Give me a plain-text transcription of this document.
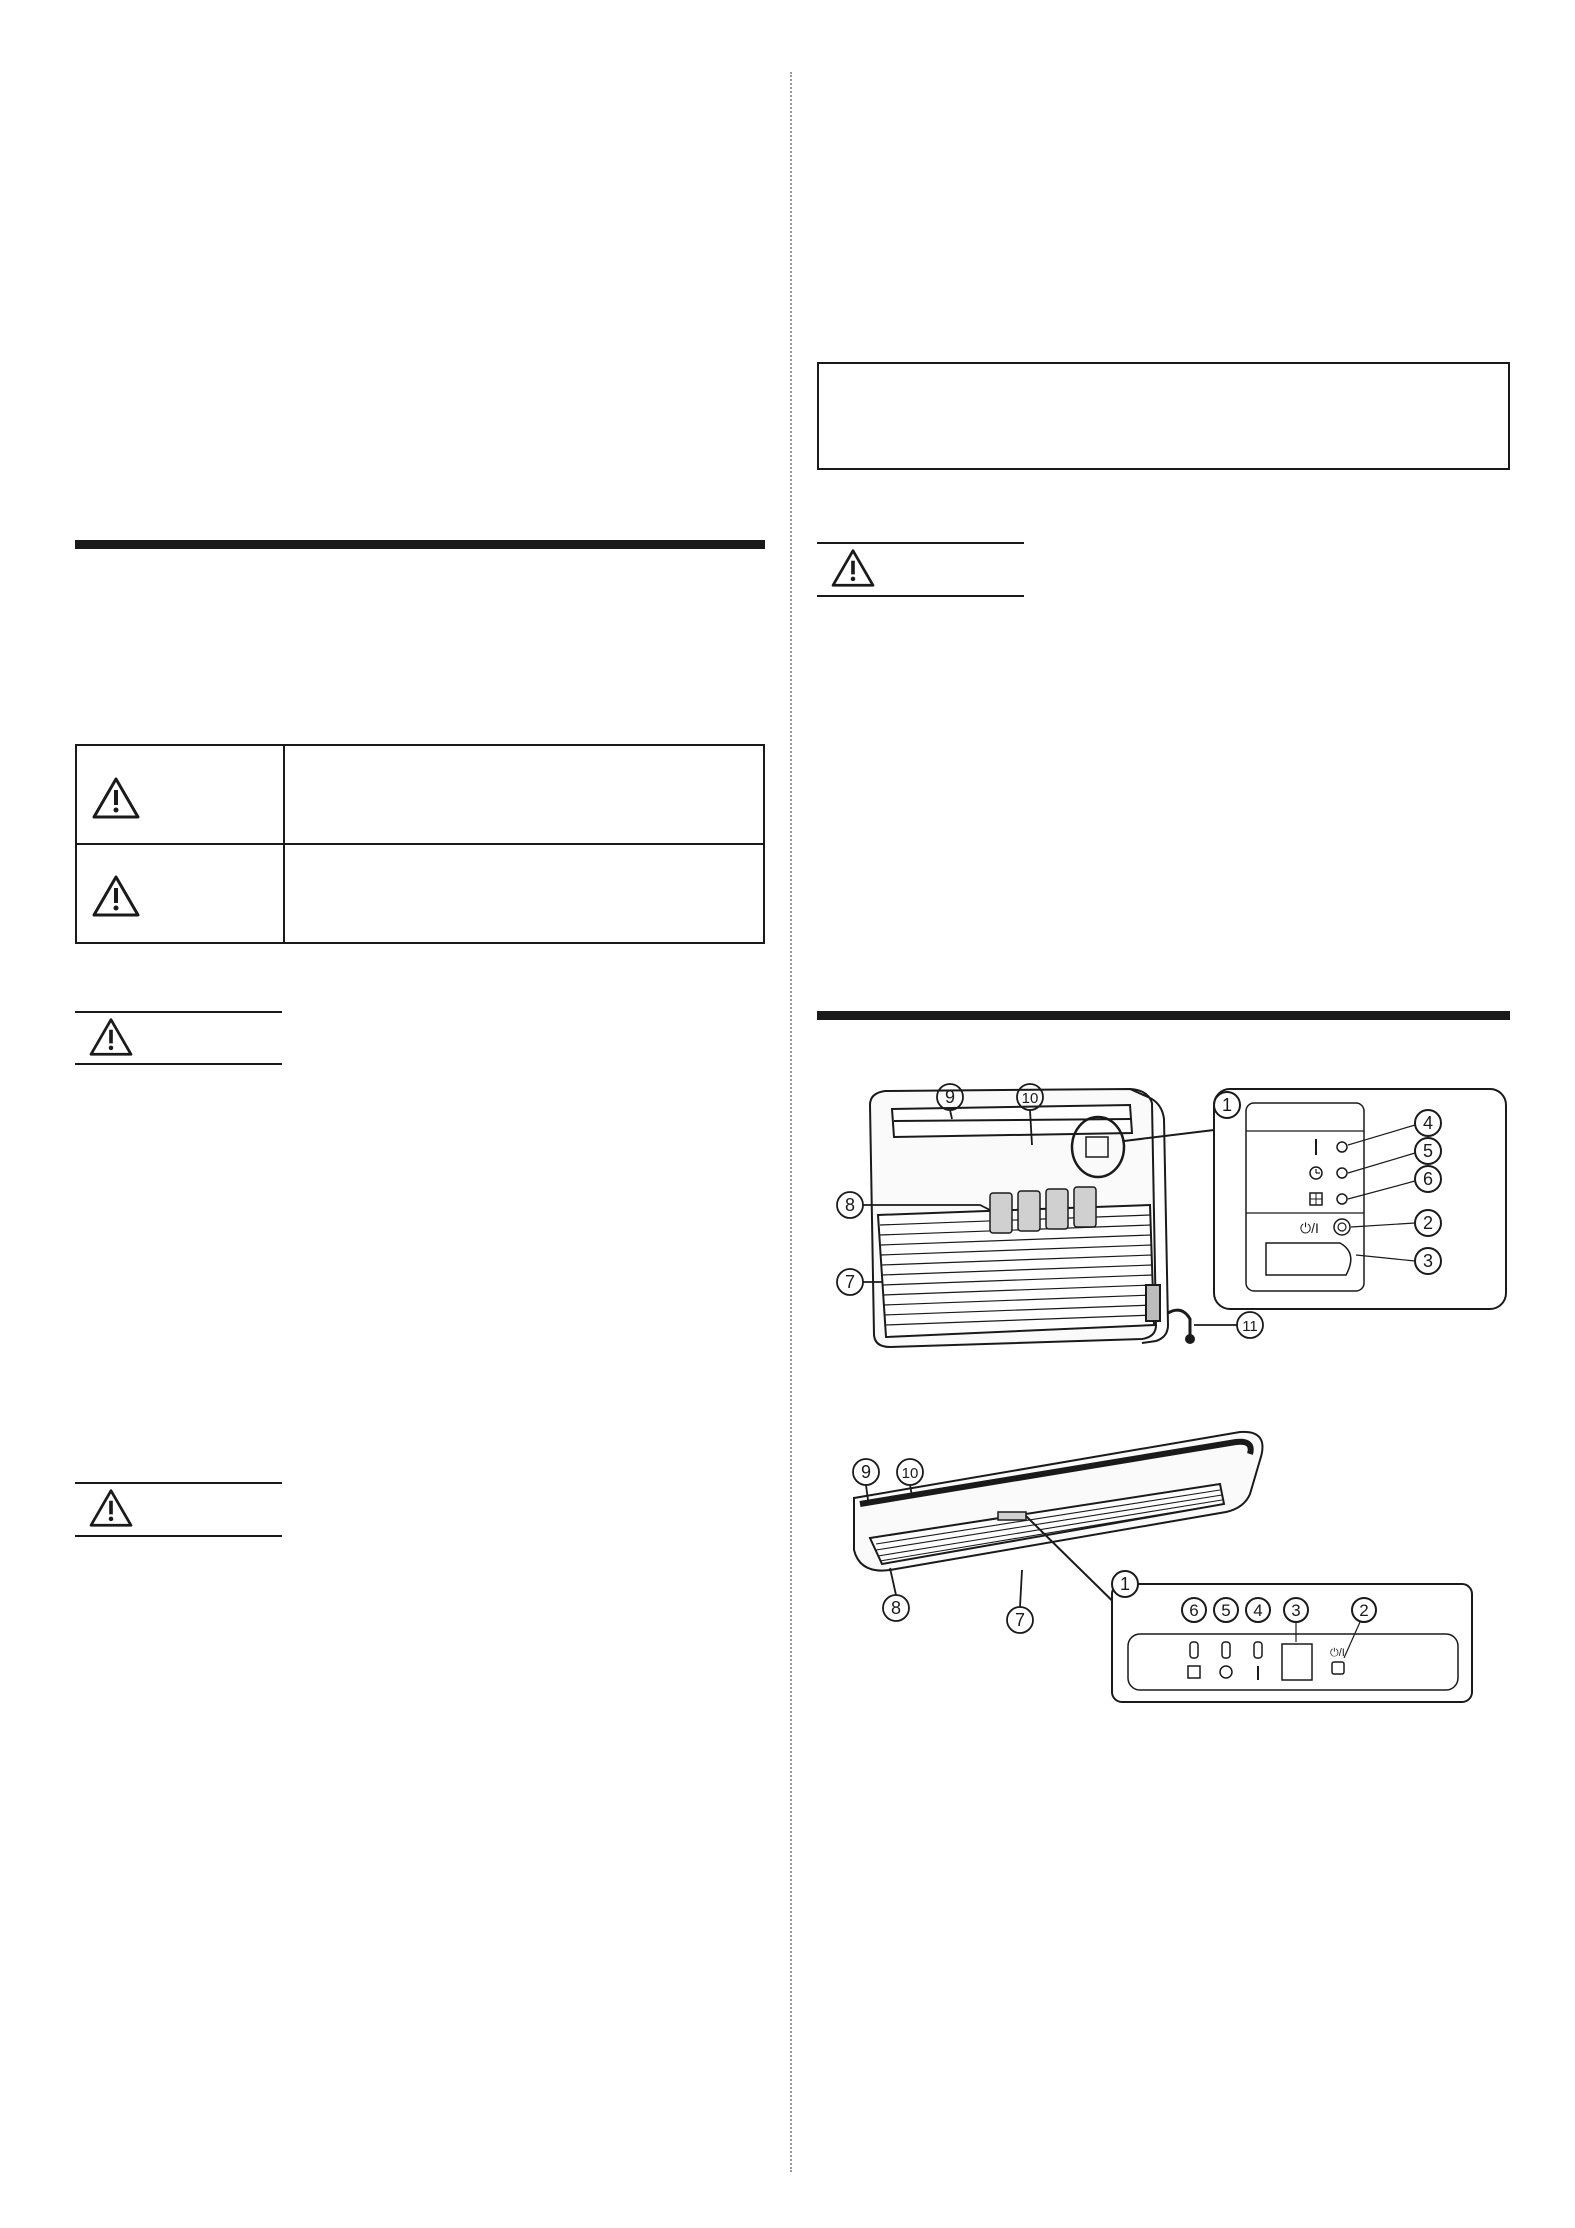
9	10
8
7
11
⏻/I
1
4
5
6
2
3
9 10
8
7
1
6 5 4 3	2
⏻/I
